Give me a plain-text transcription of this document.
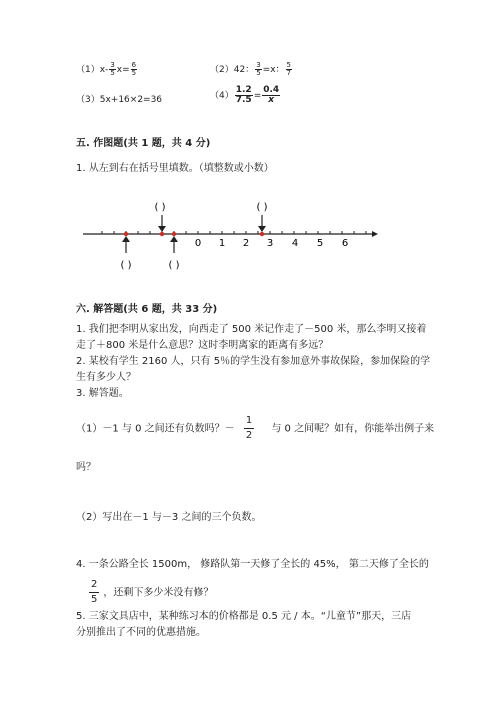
$(1)x- \frac{3}{5} x= \frac{6}{5}$	（2）42： $\frac{3}{5} =x$： $\frac{5}{7}$
（3）5x+16×2=36	$(4) \frac{1.2}{7.5} = \frac{0.4}{x}$
五. 作图题(共 1 题，共 4 分)
1. 从左到右在括号里填数。（填整数或小数）
( )	( )
0 1 2 3 4 5 6
( )	( )
六. 解答题(共 6 题，共 33 分)
1. 我们把李明从家出发，向西走了 500 米记作走了－500 米，那么李明又接着
走了＋800 米是什么意思？这时李明离家的距离有多远？
2. 某校有学生 2160 人，只有 5％的学生没有参加意外事故保险，参加保险的学
生有多少人？
3. 解答题。
（1）－1 与 0 之间还有负数吗？－ $\frac{1}{2}$ 与 0 之间呢？如有，你能举出例子来
吗？
（2）写出在－1 与－3 之间的三个负数。
4. 一条公路全长 1500m， 修路队第一天修了全长的 45%， 第二天修了全长的
$\frac{2}{5}$ ，还剩下多少米没有修？
5. 三家文具店中，某种练习本的价格都是 0.5 元 / 本。“儿童节”那天，三店
分别推出了不同的优惠措施。
